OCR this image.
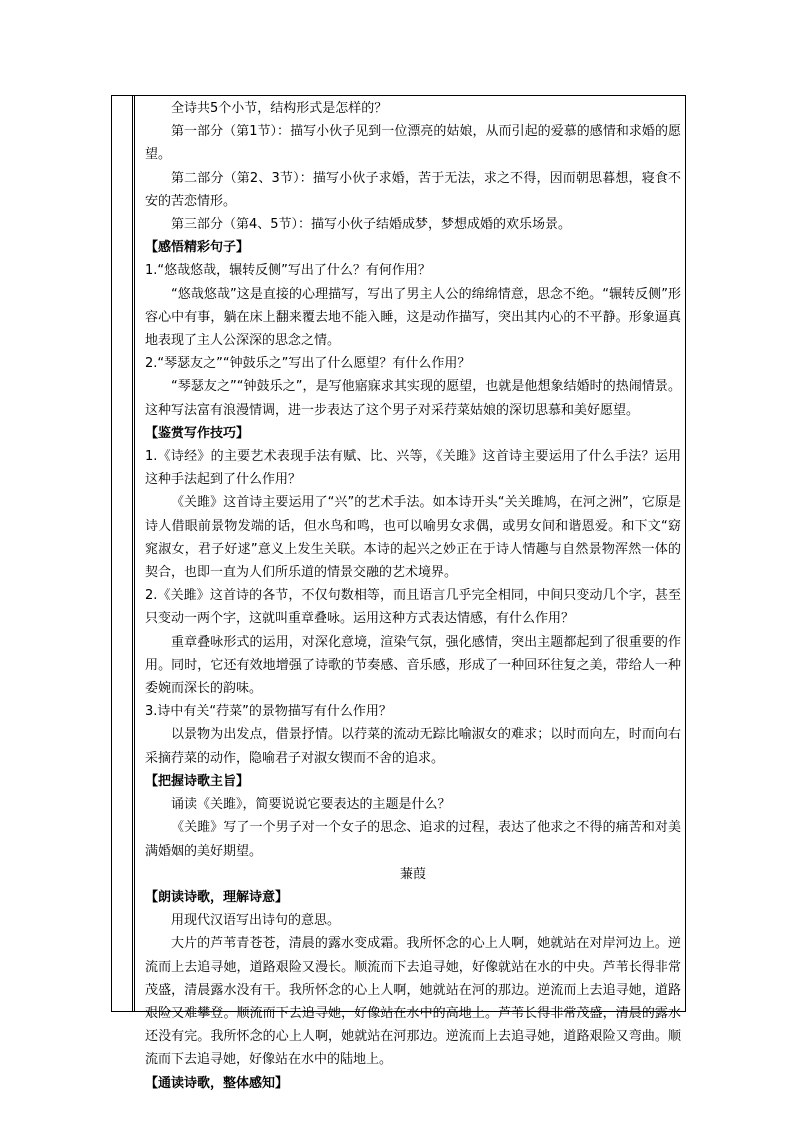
全诗共5个小节，结构形式是怎样的？

第一部分（第1节）：描写小伙子见到一位漂亮的姑娘，从而引起的爱慕的感情和求婚的愿望。

第二部分（第2、3节）：描写小伙子求婚，苦于无法，求之不得，因而朝思暮想，寝食不安的苦恋情形。

第三部分（第4、5节）：描写小伙子结婚成梦，梦想成婚的欢乐场景。

【感悟精彩句子】

1.“悠哉悠哉，辗转反侧”写出了什么？有何作用？

“悠哉悠哉”这是直接的心理描写，写出了男主人公的绵绵情意，思念不绝。“辗转反侧”形容心中有事，躺在床上翻来覆去地不能入睡，这是动作描写，突出其内心的不平静。形象逼真地表现了主人公深深的思念之情。

2.“琴瑟友之”“钟鼓乐之”写出了什么愿望？有什么作用？

“琴瑟友之”“钟鼓乐之”，是写他寤寐求其实现的愿望，也就是他想象结婚时的热闹情景。这种写法富有浪漫情调，进一步表达了这个男子对采荇菜姑娘的深切思慕和美好愿望。

【鉴赏写作技巧】

1.《诗经》的主要艺术表现手法有赋、比、兴等，《关雎》这首诗主要运用了什么手法？运用这种手法起到了什么作用？

《关雎》这首诗主要运用了“兴”的艺术手法。如本诗开头“关关雎鸠，在河之洲”，它原是诗人借眼前景物发端的话，但水鸟和鸣，也可以喻男女求偶，或男女间和谐恩爱。和下文“窈窕淑女，君子好逑”意义上发生关联。本诗的起兴之妙正在于诗人情趣与自然景物浑然一体的契合，也即一直为人们所乐道的情景交融的艺术境界。

2.《关雎》这首诗的各节，不仅句数相等，而且语言几乎完全相同，中间只变动几个字，甚至只变动一两个字，这就叫重章叠咏。运用这种方式表达情感，有什么作用？

重章叠咏形式的运用，对深化意境，渲染气氛，强化感情，突出主题都起到了很重要的作用。同时，它还有效地增强了诗歌的节奏感、音乐感，形成了一种回环往复之美，带给人一种委婉而深长的韵味。

3.诗中有关“荇菜”的景物描写有什么作用？

以景物为出发点，借景抒情。以荇菜的流动无踪比喻淑女的难求；以时而向左，时而向右采摘荇菜的动作，隐喻君子对淑女锲而不舍的追求。

【把握诗歌主旨】

诵读《关雎》，简要说说它要表达的主题是什么？

《关雎》写了一个男子对一个女子的思念、追求的过程，表达了他求之不得的痛苦和对美满婚姻的美好期望。

蒹葭

【朗读诗歌，理解诗意】

用现代汉语写出诗句的意思。

大片的芦苇青苍苍，清晨的露水变成霜。我所怀念的心上人啊，她就站在对岸河边上。逆流而上去追寻她，道路艰险又漫长。顺流而下去追寻她，好像就站在水的中央。芦苇长得非常茂盛，清晨露水没有干。我所怀念的心上人啊，她就站在河的那边。逆流而上去追寻她，道路艰险又难攀登。顺流而下去追寻她，好像站在水中的高地上。芦苇长得非常茂盛，清晨的露水还没有完。我所怀念的心上人啊，她就站在河那边。逆流而上去追寻她，道路艰险又弯曲。顺流而下去追寻她，好像站在水中的陆地上。

【通读诗歌，整体感知】
